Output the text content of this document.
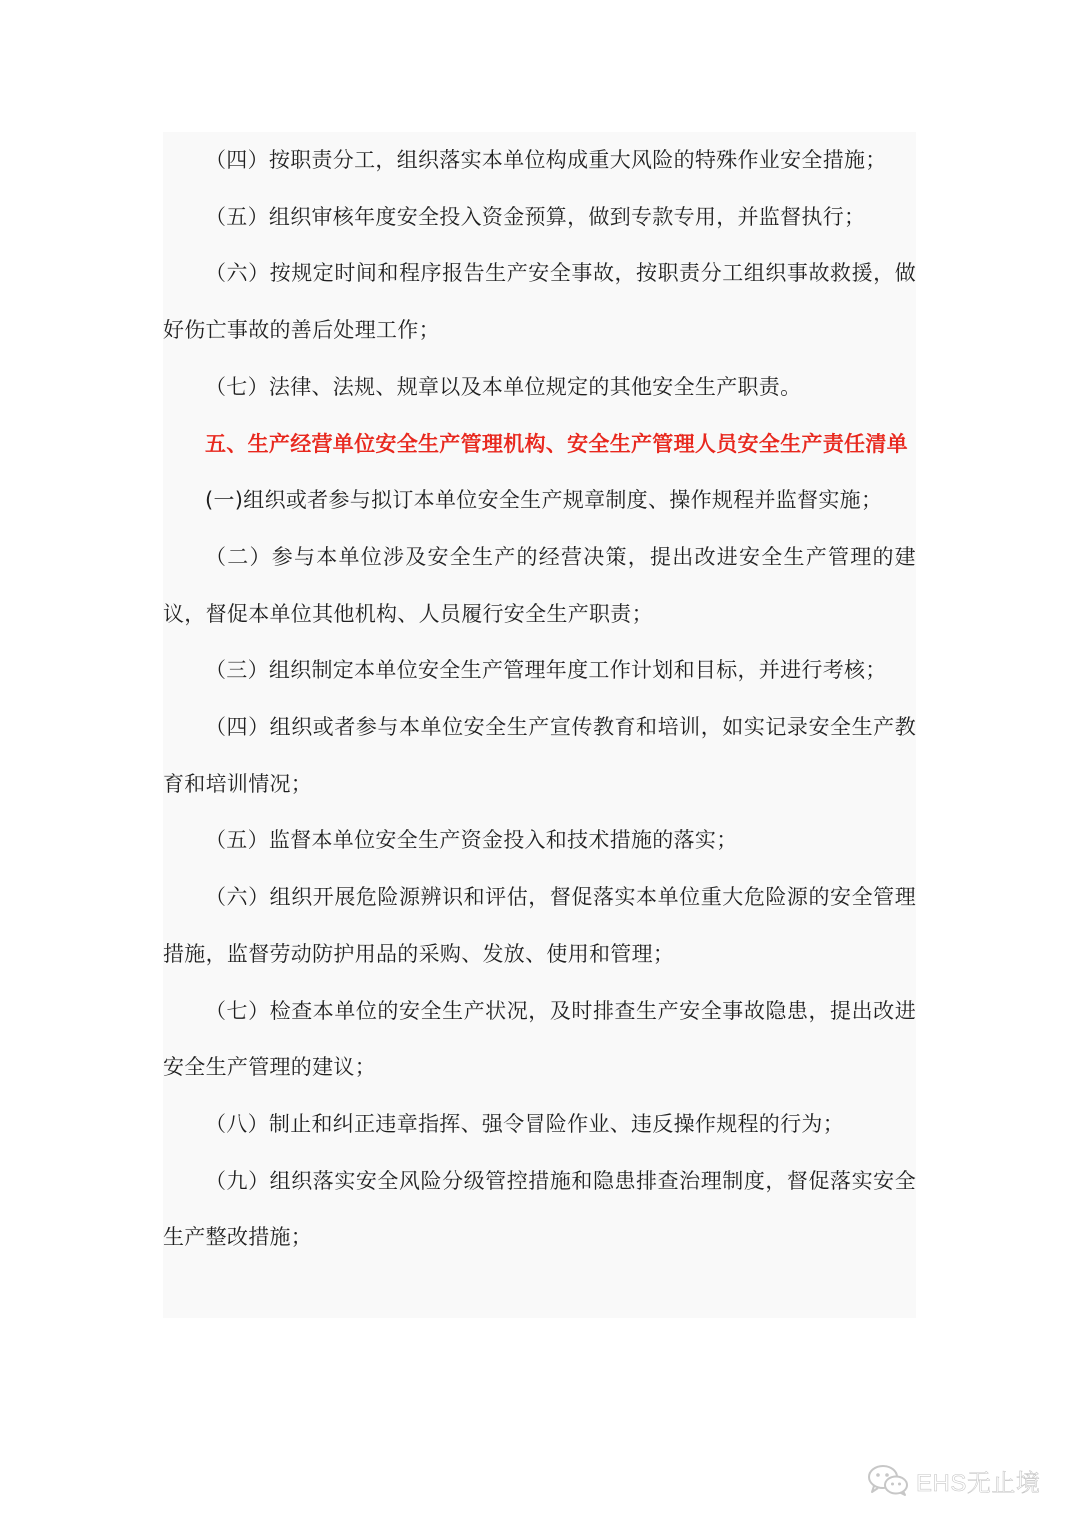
（四）按职责分工，组织落实本单位构成重大风险的特殊作业安全措施；

（五）组织审核年度安全投入资金预算，做到专款专用，并监督执行；

（六）按规定时间和程序报告生产安全事故，按职责分工组织事故救援，做好伤亡事故的善后处理工作；

（七）法律、法规、规章以及本单位规定的其他安全生产职责。

五、生产经营单位安全生产管理机构、安全生产管理人员安全生产责任清单

(一)组织或者参与拟订本单位安全生产规章制度、操作规程并监督实施；

（二）参与本单位涉及安全生产的经营决策，提出改进安全生产管理的建议，督促本单位其他机构、人员履行安全生产职责；

（三）组织制定本单位安全生产管理年度工作计划和目标，并进行考核；

（四）组织或者参与本单位安全生产宣传教育和培训，如实记录安全生产教育和培训情况；

（五）监督本单位安全生产资金投入和技术措施的落实；

（六）组织开展危险源辨识和评估，督促落实本单位重大危险源的安全管理措施，监督劳动防护用品的采购、发放、使用和管理；

（七）检查本单位的安全生产状况，及时排查生产安全事故隐患，提出改进安全生产管理的建议；

（八）制止和纠正违章指挥、强令冒险作业、违反操作规程的行为；

（九）组织落实安全风险分级管控措施和隐患排查治理制度，督促落实安全生产整改措施；

EHS无止境
